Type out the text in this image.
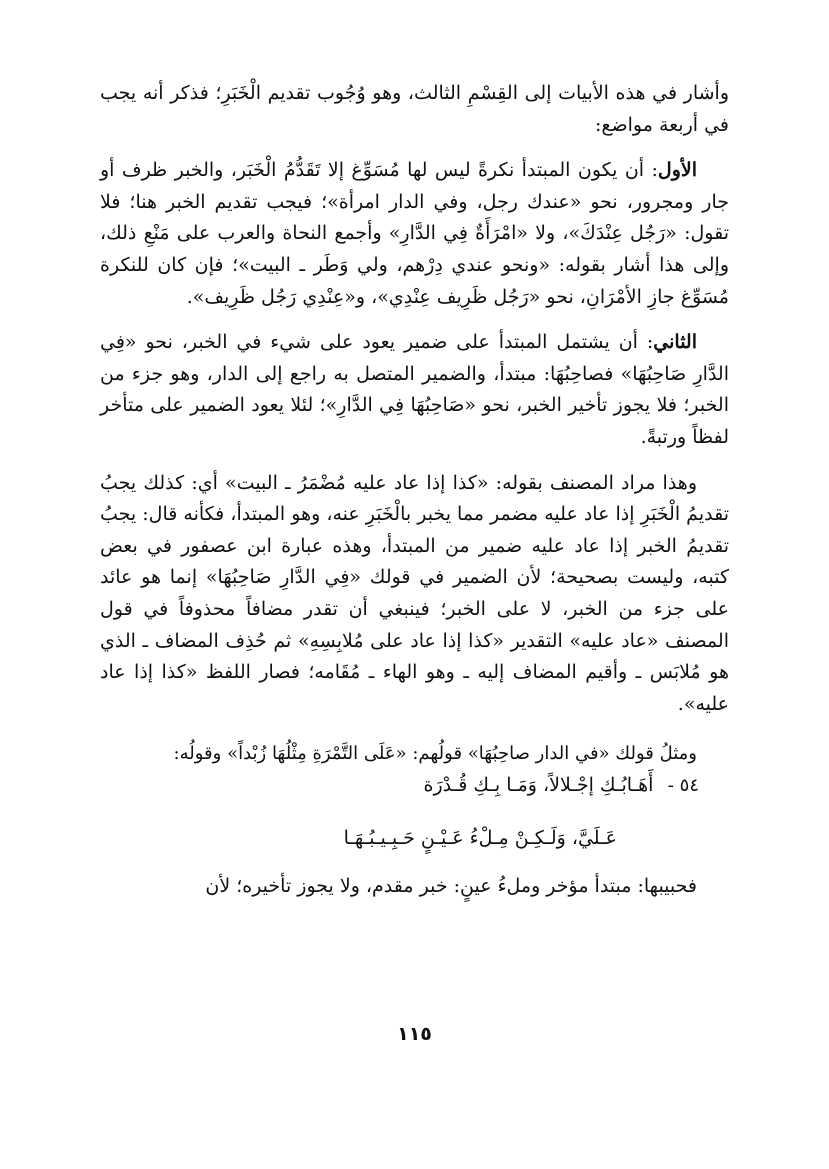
وأشار في هذه الأبيات إلى القِسْمِ الثالث، وهو وُجُوب تقديم الْخَبَرِ؛ فذكر أنه يجب في أربعة مواضع:

الأول: أن يكون المبتدأ نكرةً ليس لها مُسَوِّغ إلا تَقَدُّمُ الْخَبَر، والخبر ظرف أو جار ومجرور، نحو «عندك رجل، وفي الدار امرأة»؛ فيجب تقديم الخبر هنا؛ فلا تقول: «رَجُل عِنْدَكَ»، ولا «امْرَأَةٌ فِي الدَّارِ» وأجمع النحاة والعرب على مَنْعِ ذلك، وإلى هذا أشار بقوله: «ونحو عندي دِرْهم، ولي وَطَر ـ البيت»؛ فإن كان للنكرة مُسَوِّغ جازِ الأمْرَانِ، نحو «رَجُل ظَرِيف عِنْدِي»، و«عِنْدِي رَجُل ظَرِيف».

الثاني: أن يشتمل المبتدأ على ضمير يعود على شيء في الخبر، نحو «فِي الدَّارِ صَاحِبُهَا» فصاحِبُهَا: مبتدأ، والضمير المتصل به راجع إلى الدار، وهو جزء من الخبر؛ فلا يجوز تأخير الخبر، نحو «صَاحِبُهَا فِي الدَّارِ»؛ لئلا يعود الضمير على متأخر لفظاً ورتبةً.

وهذا مراد المصنف بقوله: «كذا إذا عاد عليه مُضْمَرُ ـ البيت» أي: كذلك يجبُ تقديمُ الْخَبَرِ إذا عاد عليه مضمر مما يخبر بالْخَبَرِ عنه، وهو المبتدأ، فكأنه قال: يجبُ تقديمُ الخبر إذا عاد عليه ضمير من المبتدأ، وهذه عبارة ابن عصفور في بعض كتبه، وليست بصحيحة؛ لأن الضمير في قولك «فِي الدَّارِ صَاحِبُهَا» إنما هو عائد على جزء من الخبر، لا على الخبر؛ فينبغي أن تقدر مضافاً محذوفاً في قول المصنف «عاد عليه» التقدير «كذا إذا عاد على مُلابِسِهِ» ثم حُذِف المضاف ـ الذي هو مُلابَس ـ وأقيم المضاف إليه ـ وهو الهاء ـ مُقَامه؛ فصار اللفظ «كذا إذا عاد عليه».

ومثلُ قولك «في الدار صاحِبُهَا» قولُهم: «عَلَى التَّمْرَةِ مِثْلُهَا زُبْداً» وقولُه:

٥٤ -
أَهَـابُـكِ إجْـلالاً، وَمَـا بِـكِ قُـدْرَة

عَـلَيَّ، وَلَـكِـنْ مِـلْءُ عَـيْـنٍ حَـبِـيـبُـهَـا

فحبيبها: مبتدأ مؤخر وملءُ عينٍ: خبر مقدم، ولا يجوز تأخيره؛ لأن

١١٥
